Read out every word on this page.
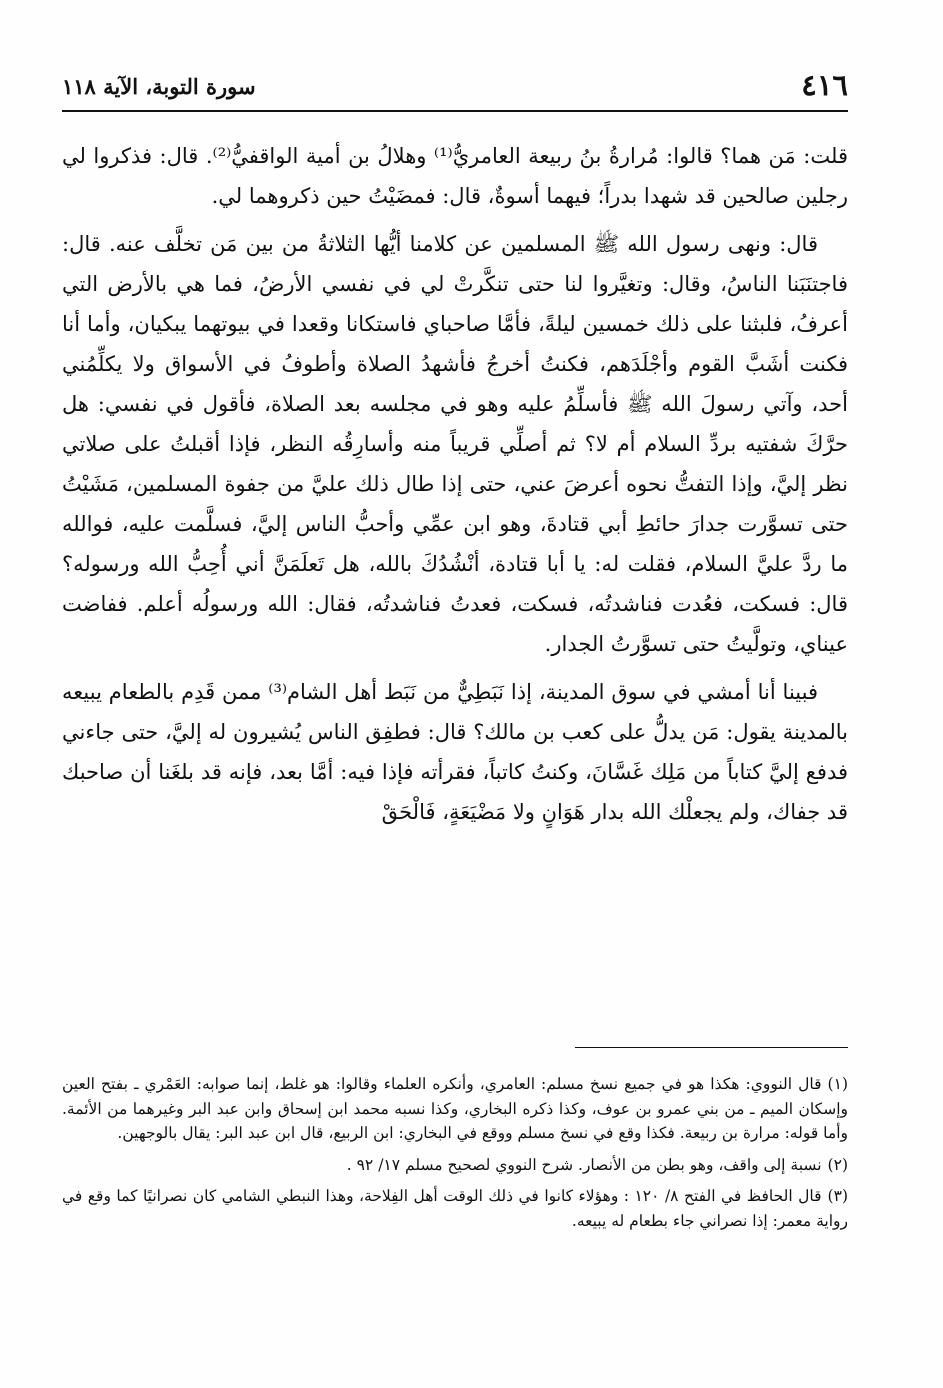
٤١٦
سورة التوبة، الآية ١١٨

قلت: مَن هما؟ قالوا: مُرارةُ بنُ ربيعة العامريُّ⁽¹⁾ وهلالُ بن أمية الواقفيُّ⁽²⁾. قال: فذكروا لي رجلين صالحين قد شهدا بدراً؛ فيهما أسوةٌ، قال: فمضَيْتُ حين ذكروهما لي.

قال: ونهى رسول الله ﷺ المسلمين عن كلامنا أيُّها الثلاثةُ من بين مَن تخلَّف عنه. قال: فاجتنَبَنا الناسُ، وقال: وتغيَّروا لنا حتى تنكَّرتْ لي في نفسي الأرضُ، فما هي بالأرض التي أعرفُ، فلبثنا على ذلك خمسين ليلةً، فأمَّا صاحباي فاستكانا وقعدا في بيوتهما يبكيان، وأما أنا فكنت أشَبَّ القوم وأجْلَدَهم، فكنتُ أخرجُ فأشهدُ الصلاة وأطوفُ في الأسواق ولا يكلِّمُني أحد، وآتي رسولَ الله ﷺ فأسلِّمُ عليه وهو في مجلسه بعد الصلاة، فأقول في نفسي: هل حرَّكَ شفتيه بردِّ السلام أم لا؟ ثم أصلِّي قريباً منه وأسارِقُه النظر، فإذا أقبلتُ على صلاتي نظر إليَّ، وإذا التفتُّ نحوه أعرضَ عني، حتى إذا طال ذلك عليَّ من جفوة المسلمين، مَشَيْتُ حتى تسوَّرت جدارَ حائطِ أبي قتادةَ، وهو ابن عمِّي وأحبُّ الناس إليَّ، فسلَّمت عليه، فوالله ما ردَّ عليَّ السلام، فقلت له: يا أبا قتادة، أنْشُدُكَ بالله، هل تَعلَمَنَّ أني أُحِبُّ الله ورسوله؟ قال: فسكت، فعُدت فناشدتُه، فسكت، فعدتُ فناشدتُه، فقال: الله ورسولُه أعلم. ففاضت عيناي، وتولَّيتُ حتى تسوَّرتُ الجدار.

فبينا أنا أمشي في سوق المدينة، إذا نَبَطِيٌّ من نَبَط أهل الشام⁽³⁾ ممن قَدِم بالطعام يبيعه بالمدينة يقول: مَن يدلُّ على كعب بن مالك؟ قال: فطفِق الناس يُشيرون له إليَّ، حتى جاءني فدفع إليَّ كتاباً من مَلِك غَسَّانَ، وكنتُ كاتباً، فقرأته فإذا فيه: أمَّا بعد، فإنه قد بلغَنا أن صاحبك قد جفاك، ولم يجعلْك الله بدار هَوَانٍ ولا مَضْيَعَةٍ، فَالْحَقْ

(١)قال النووي: هكذا هو في جميع نسخ مسلم: العامري، وأنكره العلماء وقالوا: هو غلط، إنما صوابه: العَمْري ـ بفتح العين وإسكان الميم ـ من بني عمرو بن عوف، وكذا ذكره البخاري، وكذا نسبه محمد ابن إسحاق وابن عبد البر وغيرهما من الأئمة. وأما قوله: مرارة بن ربيعة. فكذا وقع في نسخ مسلم ووقع في البخاري: ابن الربيع، قال ابن عبد البر: يقال بالوجهين.

(٢)نسبة إلى واقف، وهو بطن من الأنصار. شرح النووي لصحيح مسلم ١٧/ ٩٢ .

(٣)قال الحافظ في الفتح ٨/ ١٢٠ : وهؤلاء كانوا في ذلك الوقت أهل الفِلاحة، وهذا النبطي الشامي كان نصرانيًا كما وقع في رواية معمر: إذا نصراني جاء بطعام له يبيعه.
